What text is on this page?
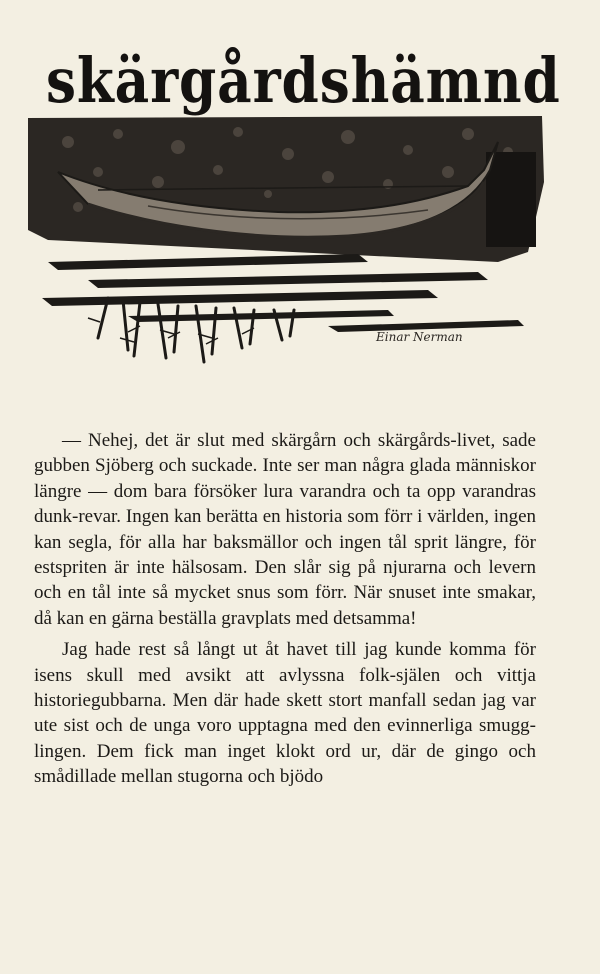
skärgårdshämnd
Einar Nerman

— Nehej, det är slut med skärgårn och skärgårds-livet, sade gubben Sjöberg och suckade. Inte ser man några glada människor längre — dom bara försöker lura varandra och ta opp varandras dunk-revar. Ingen kan berätta en historia som förr i världen, ingen kan segla, för alla har baksmällor och ingen tål sprit längre, för estspriten är inte hälsosam. Den slår sig på njurarna och levern och en tål inte så mycket snus som förr. När snuset inte smakar, då kan en gärna beställa gravplats med detsamma!

Jag hade rest så långt ut åt havet till jag kunde komma för isens skull med avsikt att avlyssna folk-själen och vittja historiegubbarna. Men där hade skett stort manfall sedan jag var ute sist och de unga voro upptagna med den evinnerliga smugg-lingen. Dem fick man inget klokt ord ur, där de gingo och smådillade mellan stugorna och bjödo
